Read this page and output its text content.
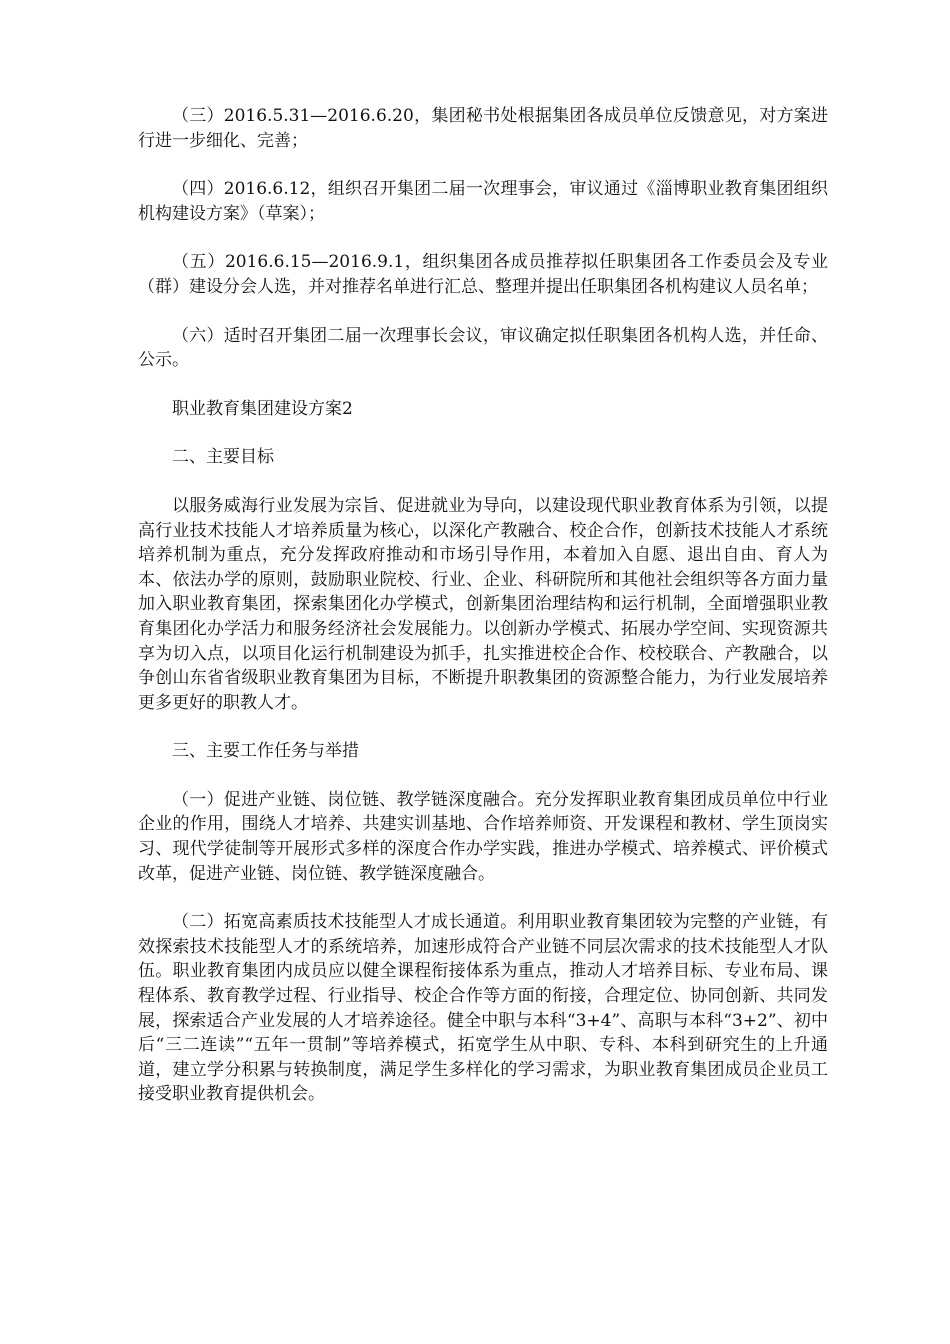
（三）2016.5.31—2016.6.20，集团秘书处根据集团各成员单位反馈意见，对方案进行进一步细化、完善；

（四）2016.6.12，组织召开集团二届一次理事会，审议通过《淄博职业教育集团组织机构建设方案》（草案）；

（五）2016.6.15—2016.9.1，组织集团各成员推荐拟任职集团各工作委员会及专业（群）建设分会人选，并对推荐名单进行汇总、整理并提出任职集团各机构建议人员名单；

（六）适时召开集团二届一次理事长会议，审议确定拟任职集团各机构人选，并任命、公示。

职业教育集团建设方案2

二、主要目标

以服务威海行业发展为宗旨、促进就业为导向，以建设现代职业教育体系为引领，以提高行业技术技能人才培养质量为核心，以深化产教融合、校企合作，创新技术技能人才系统培养机制为重点，充分发挥政府推动和市场引导作用，本着加入自愿、退出自由、育人为本、依法办学的原则，鼓励职业院校、行业、企业、科研院所和其他社会组织等各方面力量加入职业教育集团，探索集团化办学模式，创新集团治理结构和运行机制，全面增强职业教育集团化办学活力和服务经济社会发展能力。以创新办学模式、拓展办学空间、实现资源共享为切入点，以项目化运行机制建设为抓手，扎实推进校企合作、校校联合、产教融合，以争创山东省省级职业教育集团为目标，不断提升职教集团的资源整合能力，为行业发展培养更多更好的职教人才。

三、主要工作任务与举措

（一）促进产业链、岗位链、教学链深度融合。充分发挥职业教育集团成员单位中行业企业的作用，围绕人才培养、共建实训基地、合作培养师资、开发课程和教材、学生顶岗实习、现代学徒制等开展形式多样的深度合作办学实践，推进办学模式、培养模式、评价模式改革，促进产业链、岗位链、教学链深度融合。

（二）拓宽高素质技术技能型人才成长通道。利用职业教育集团较为完整的产业链，有效探索技术技能型人才的系统培养，加速形成符合产业链不同层次需求的技术技能型人才队伍。职业教育集团内成员应以健全课程衔接体系为重点，推动人才培养目标、专业布局、课程体系、教育教学过程、行业指导、校企合作等方面的衔接，合理定位、协同创新、共同发展，探索适合产业发展的人才培养途径。健全中职与本科“3+4”、高职与本科“3+2”、初中后“三二连读”“五年一贯制”等培养模式，拓宽学生从中职、专科、本科到研究生的上升通道，建立学分积累与转换制度，满足学生多样化的学习需求，为职业教育集团成员企业员工接受职业教育提供机会。
